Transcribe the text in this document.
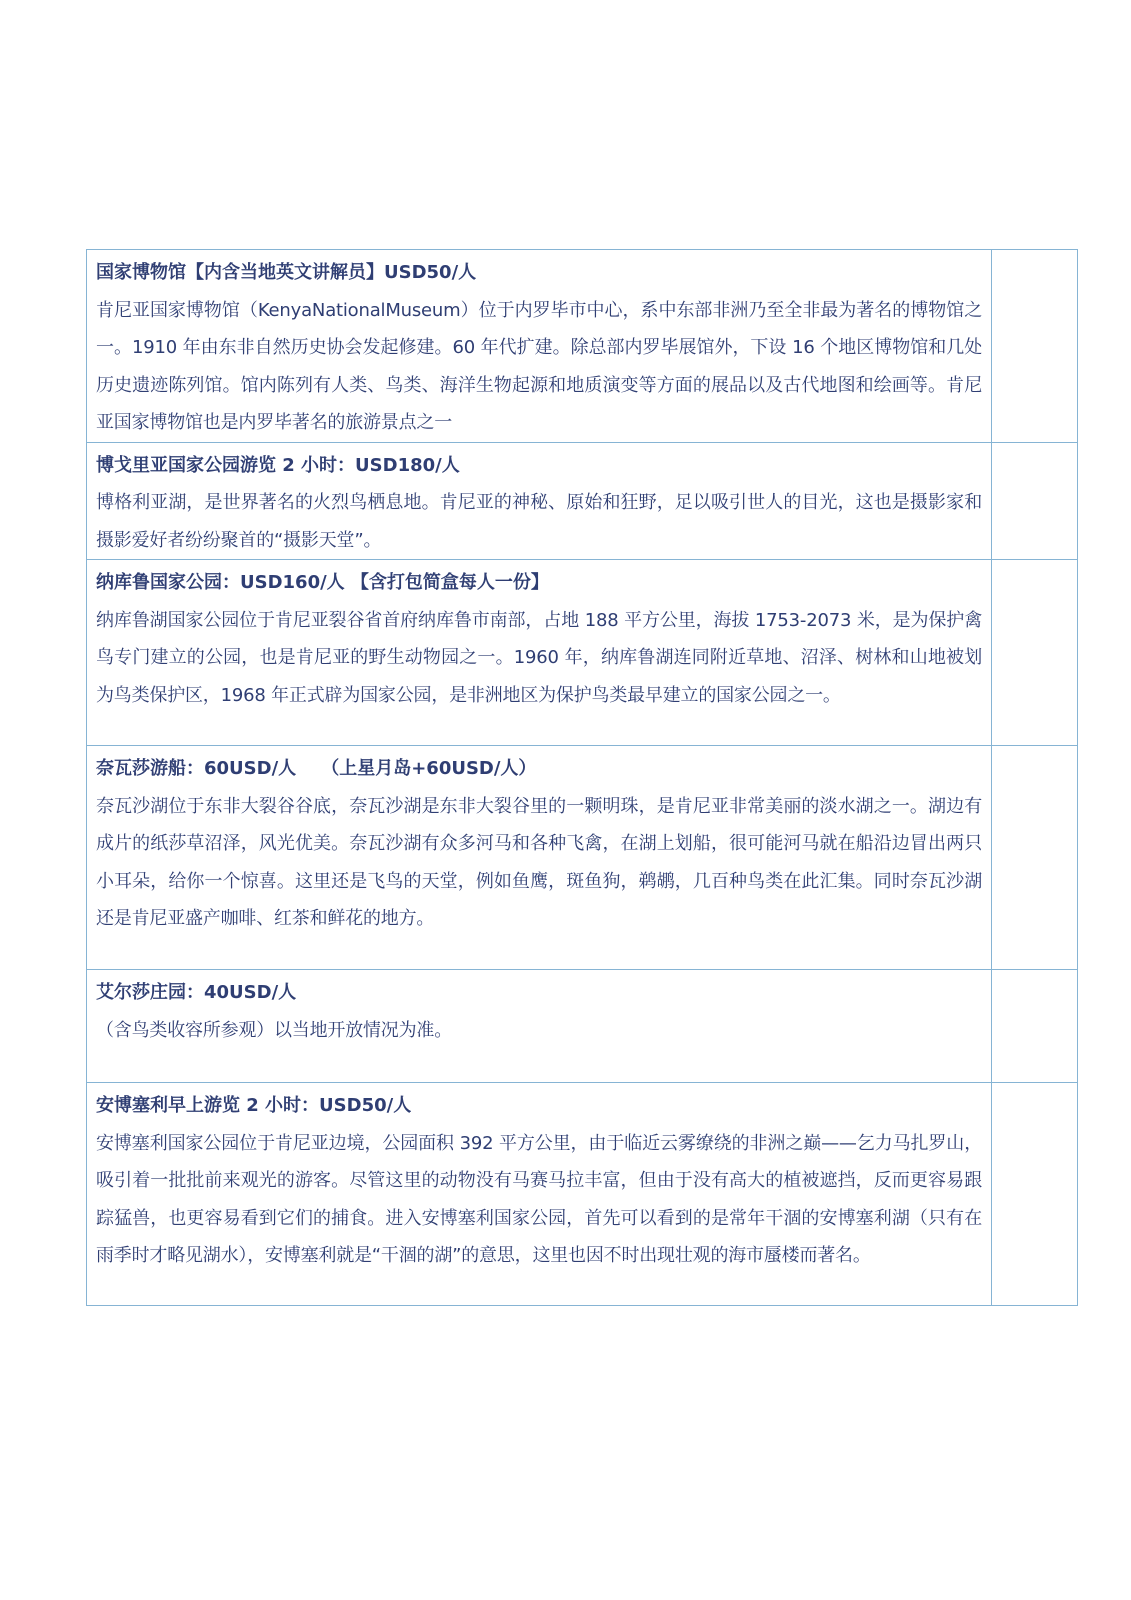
国家博物馆【内含当地英文讲解员】USD50/人
肯尼亚国家博物馆（KenyaNationalMuseum）位于内罗毕市中心，系中东部非洲乃至全非最为著名的博物馆之一。1910 年由东非自然历史协会发起修建。60 年代扩建。除总部内罗毕展馆外，下设 16 个地区博物馆和几处历史遗迹陈列馆。馆内陈列有人类、鸟类、海洋生物起源和地质演变等方面的展品以及古代地图和绘画等。肯尼亚国家博物馆也是内罗毕著名的旅游景点之一	

博戈里亚国家公园游览 2 小时：USD180/人
博格利亚湖，是世界著名的火烈鸟栖息地。肯尼亚的神秘、原始和狂野，足以吸引世人的目光，这也是摄影家和摄影爱好者纷纷聚首的“摄影天堂”。	

纳库鲁国家公园：USD160/人 【含打包简盒每人一份】
纳库鲁湖国家公园位于肯尼亚裂谷省首府纳库鲁市南部，占地 188 平方公里，海拔 1753-2073 米，是为保护禽鸟专门建立的公园，也是肯尼亚的野生动物园之一。1960 年，纳库鲁湖连同附近草地、沼泽、树林和山地被划为鸟类保护区，1968 年正式辟为国家公园，是非洲地区为保护鸟类最早建立的国家公园之一。	

奈瓦莎游船：60USD/人    （上星月岛+60USD/人）
奈瓦沙湖位于东非大裂谷谷底，奈瓦沙湖是东非大裂谷里的一颗明珠，是肯尼亚非常美丽的淡水湖之一。湖边有成片的纸莎草沼泽，风光优美。奈瓦沙湖有众多河马和各种飞禽，在湖上划船，很可能河马就在船沿边冒出两只小耳朵，给你一个惊喜。这里还是飞鸟的天堂，例如鱼鹰，斑鱼狗，鹈鹕，几百种鸟类在此汇集。同时奈瓦沙湖还是肯尼亚盛产咖啡、红茶和鲜花的地方。	

艾尔莎庄园：40USD/人
（含鸟类收容所参观）以当地开放情况为准。	

安博塞利早上游览 2 小时：USD50/人
安博塞利国家公园位于肯尼亚边境，公园面积 392 平方公里，由于临近云雾缭绕的非洲之巅——乞力马扎罗山，吸引着一批批前来观光的游客。尽管这里的动物没有马赛马拉丰富，但由于没有高大的植被遮挡，反而更容易跟踪猛兽，也更容易看到它们的捕食。进入安博塞利国家公园，首先可以看到的是常年干涸的安博塞利湖（只有在雨季时才略见湖水），安博塞利就是“干涸的湖”的意思，这里也因不时出现壮观的海市蜃楼而著名。	
